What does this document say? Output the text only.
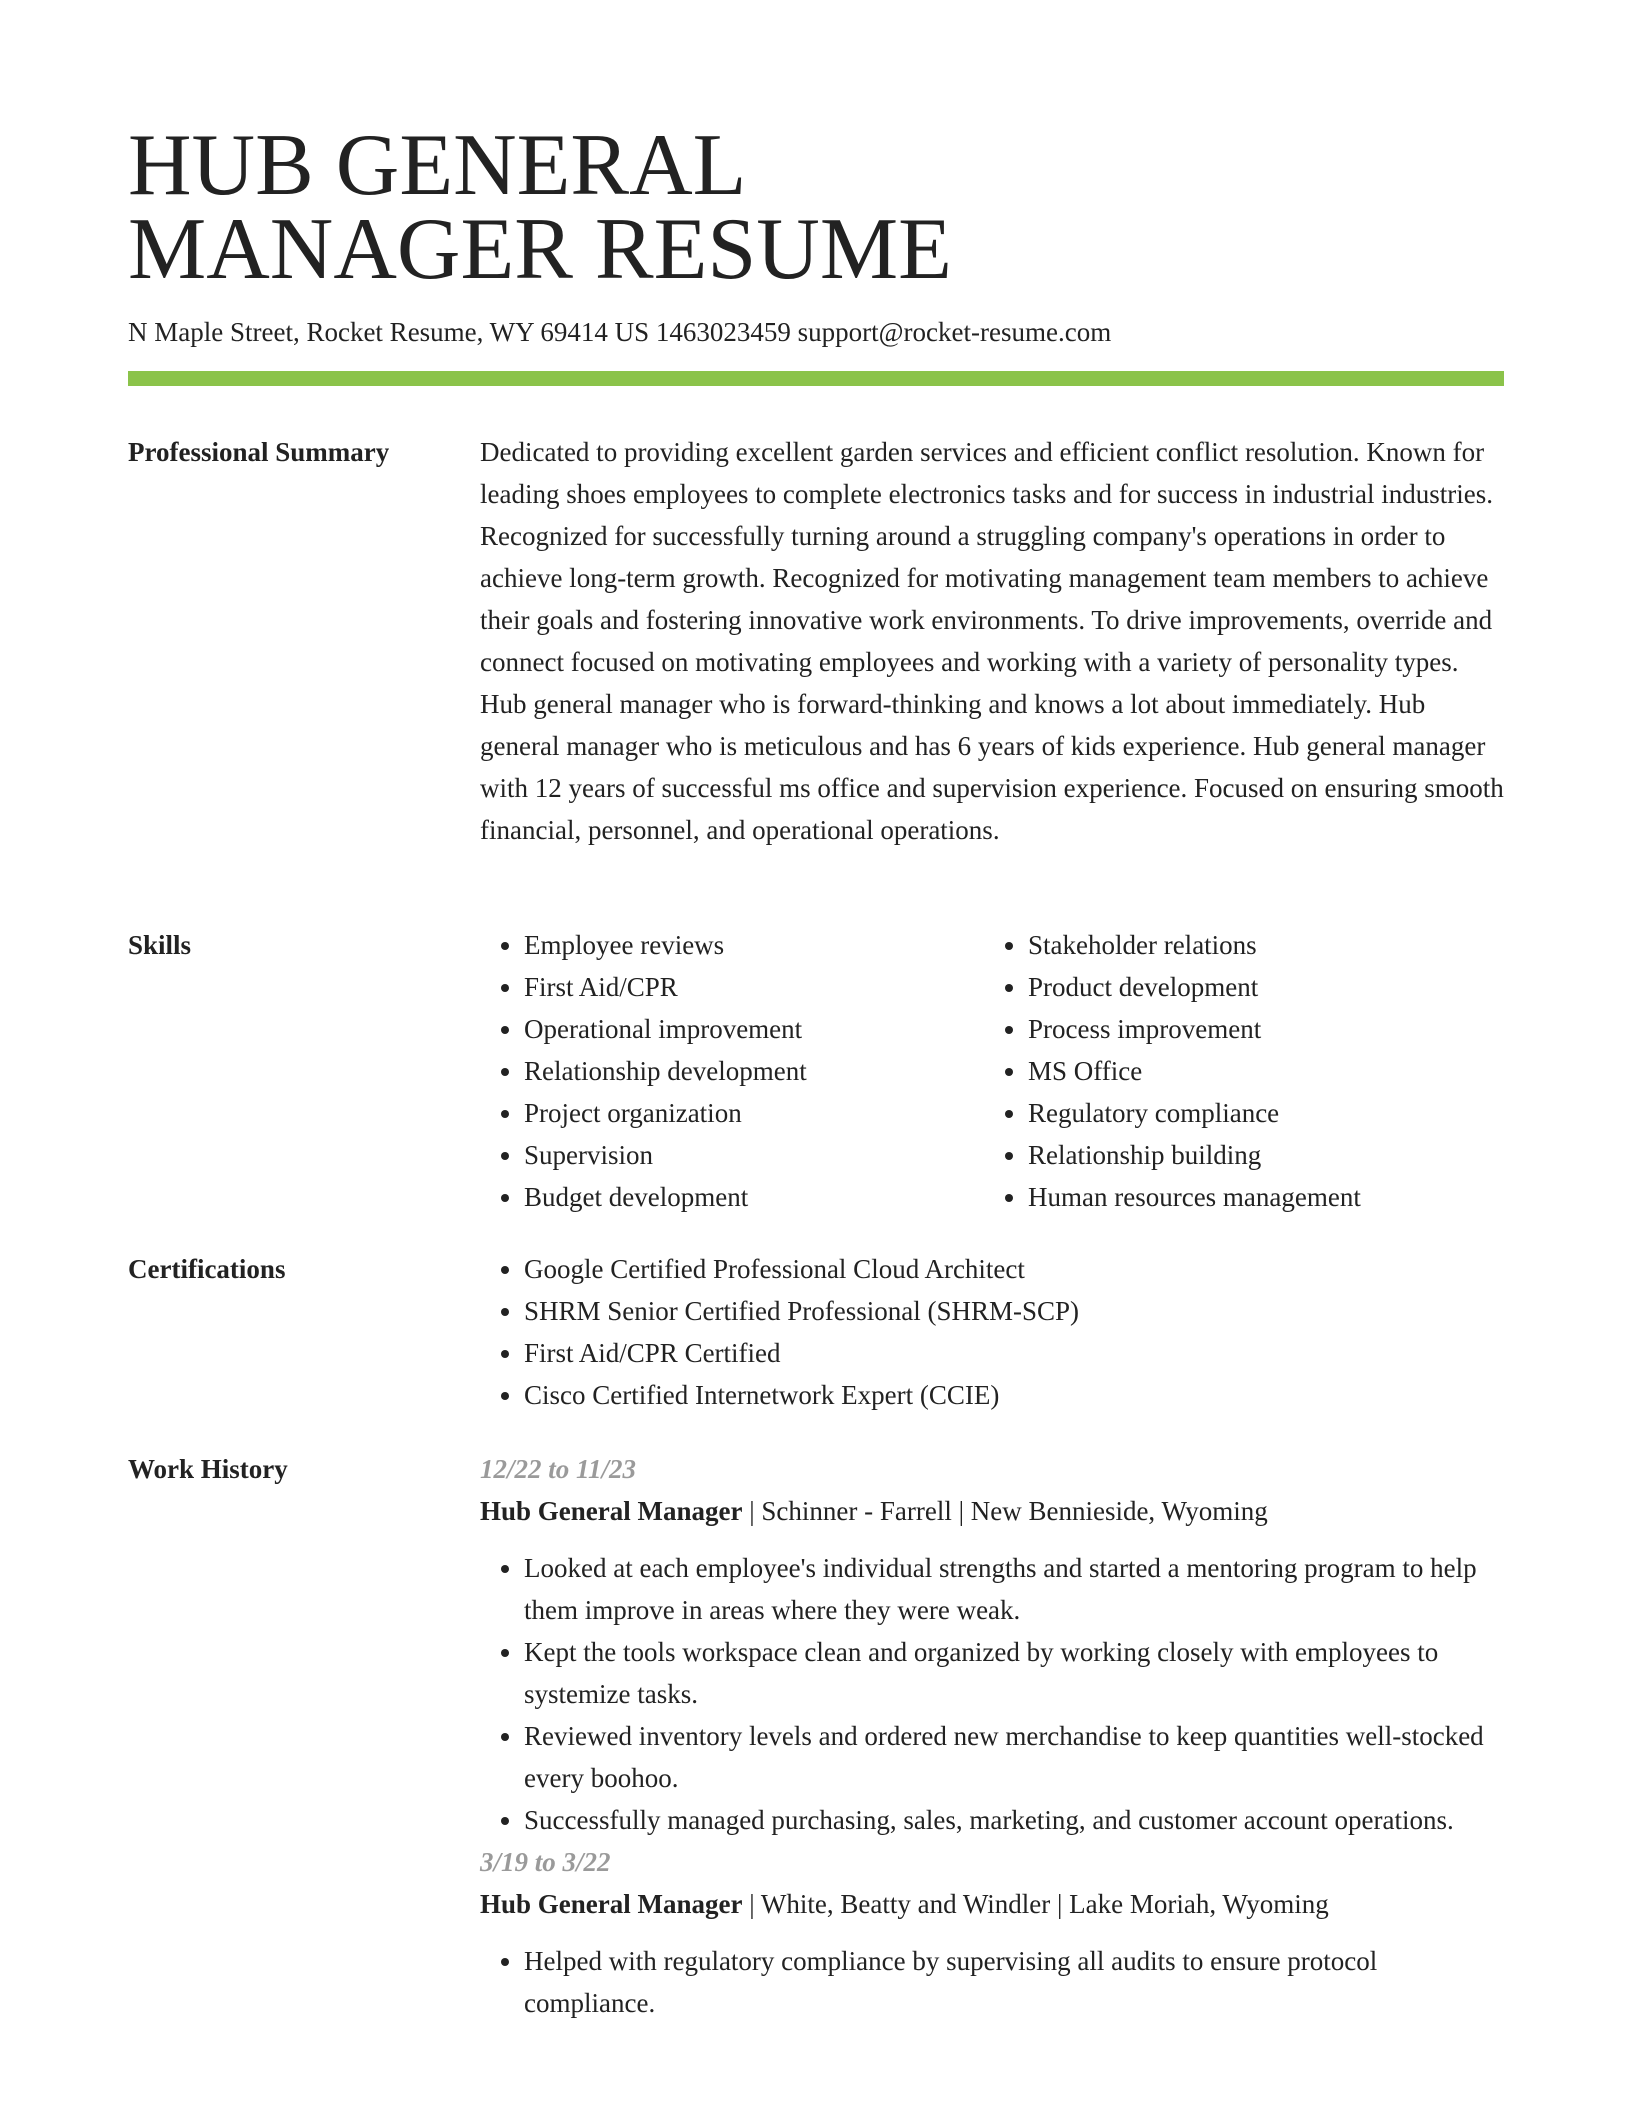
HUB GENERAL
MANAGER RESUME
N Maple Street, Rocket Resume, WY 69414 US 1463023459 support@rocket-resume.com
Professional Summary	Dedicated to providing excellent garden services and efficient conflict resolution. Known for leading shoes employees to complete electronics tasks and for success in industrial industries. Recognized for successfully turning around a struggling company's operations in order to achieve long-term growth. Recognized for motivating management team members to achieve their goals and fostering innovative work environments. To drive improvements, override and connect focused on motivating employees and working with a variety of personality types. Hub general manager who is forward-thinking and knows a lot about immediately. Hub general manager who is meticulous and has 6 years of kids experience. Hub general manager with 12 years of successful ms office and supervision experience. Focused on ensuring smooth financial, personnel, and operational operations.

Skills	• Employee reviews
• First Aid/CPR
• Operational improvement
• Relationship development
• Project organization
• Supervision
• Budget development
• Stakeholder relations
• Product development
• Process improvement
• MS Office
• Regulatory compliance
• Relationship building
• Human resources management
Certifications	• Google Certified Professional Cloud Architect
• SHRM Senior Certified Professional (SHRM-SCP)
• First Aid/CPR Certified
• Cisco Certified Internetwork Expert (CCIE)
Work History	12/22 to 11/23
Hub General Manager | Schinner - Farrell | New Bennieside, Wyoming
• Looked at each employee's individual strengths and started a mentoring program to help them improve in areas where they were weak.
• Kept the tools workspace clean and organized by working closely with employees to systemize tasks.
• Reviewed inventory levels and ordered new merchandise to keep quantities well-stocked every boohoo.
• Successfully managed purchasing, sales, marketing, and customer account operations.
3/19 to 3/22
Hub General Manager | White, Beatty and Windler | Lake Moriah, Wyoming
• Helped with regulatory compliance by supervising all audits to ensure protocol compliance.
